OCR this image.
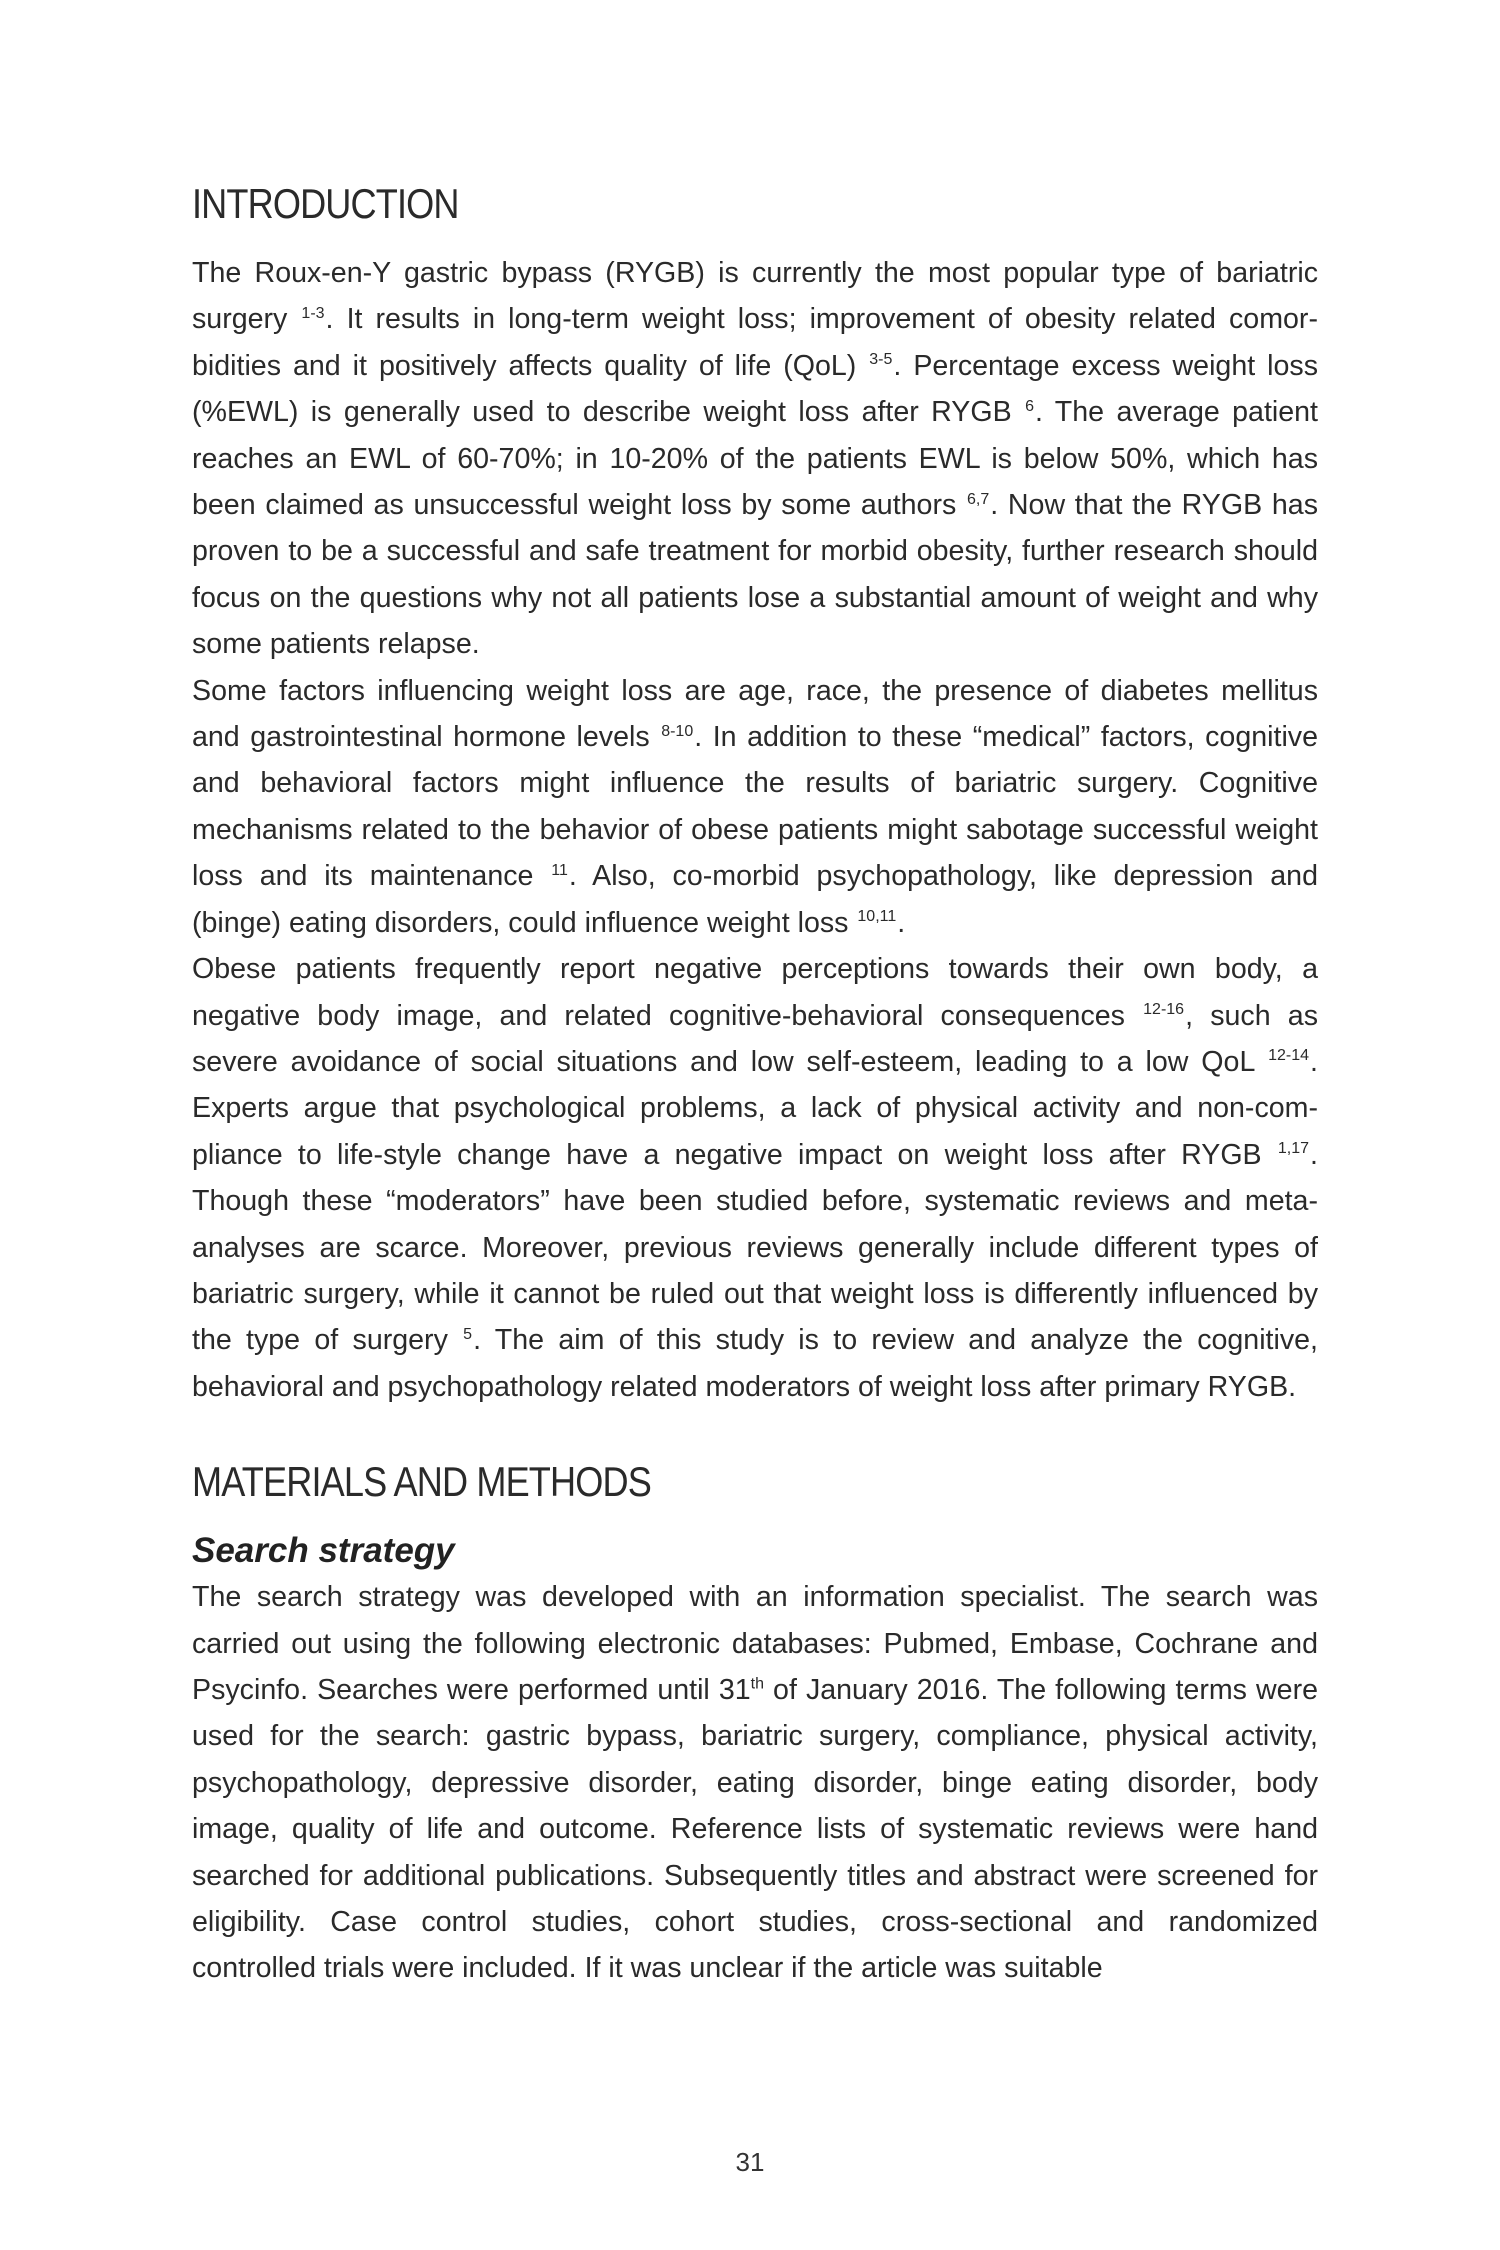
INTRODUCTION

The Roux-en-Y gastric bypass (RYGB) is currently the most popular type of bariatric surgery $^{1-3}$. It results in long-term weight loss; improvement of obesity related comorbidities and it positively affects quality of life (QoL) $^{3-5}$. Percentage excess weight loss (%EWL) is generally used to describe weight loss after RYGB $^6$. The average patient reaches an EWL of 60-70%; in 10-20% of the patients EWL is below 50%, which has been claimed as unsuccessful weight loss by some authors $^{6,7}$. Now that the RYGB has proven to be a successful and safe treatment for morbid obesity, further research should focus on the questions why not all patients lose a substantial amount of weight and why some patients relapse.

Some factors influencing weight loss are age, race, the presence of diabetes mellitus and gastrointestinal hormone levels $^{8-10}$. In addition to these “medical” factors, cognitive and behavioral factors might influence the results of bariatric surgery. Cognitive mechanisms related to the behavior of obese patients might sabotage successful weight loss and its maintenance $^{11}$. Also, co-morbid psychopathology, like depression and (binge) eating disorders, could influence weight loss $^{10,11}$.

Obese patients frequently report negative perceptions towards their own body, a negative body image, and related cognitive-behavioral consequences $^{12-16}$, such as severe avoidance of social situations and low self-esteem, leading to a low QoL $^{12-14}$. Experts argue that psychological problems, a lack of physical activity and non-compliance to life-style change have a negative impact on weight loss after RYGB $^{1,17}$. Though these “moderators” have been studied before, systematic reviews and meta-analyses are scarce. Moreover, previous reviews generally include different types of bariatric surgery, while it cannot be ruled out that weight loss is differently influenced by the type of surgery $^5$. The aim of this study is to review and analyze the cognitive, behavioral and psychopathology related moderators of weight loss after primary RYGB.

MATERIALS AND METHODS
Search strategy

The search strategy was developed with an information specialist. The search was carried out using the following electronic databases: Pubmed, Embase, Cochrane and Psycinfo. Searches were performed until 31th of January 2016. The following terms were used for the search: gastric bypass, bariatric surgery, compliance, physical activity, psychopathology, depressive disorder, eating disorder, binge eating disorder, body image, quality of life and outcome. Reference lists of systematic reviews were hand searched for additional publications. Subsequently titles and abstract were screened for eligibility. Case control studies, cohort studies, cross-sectional and randomized controlled trials were included. If it was unclear if the article was suitable

31
